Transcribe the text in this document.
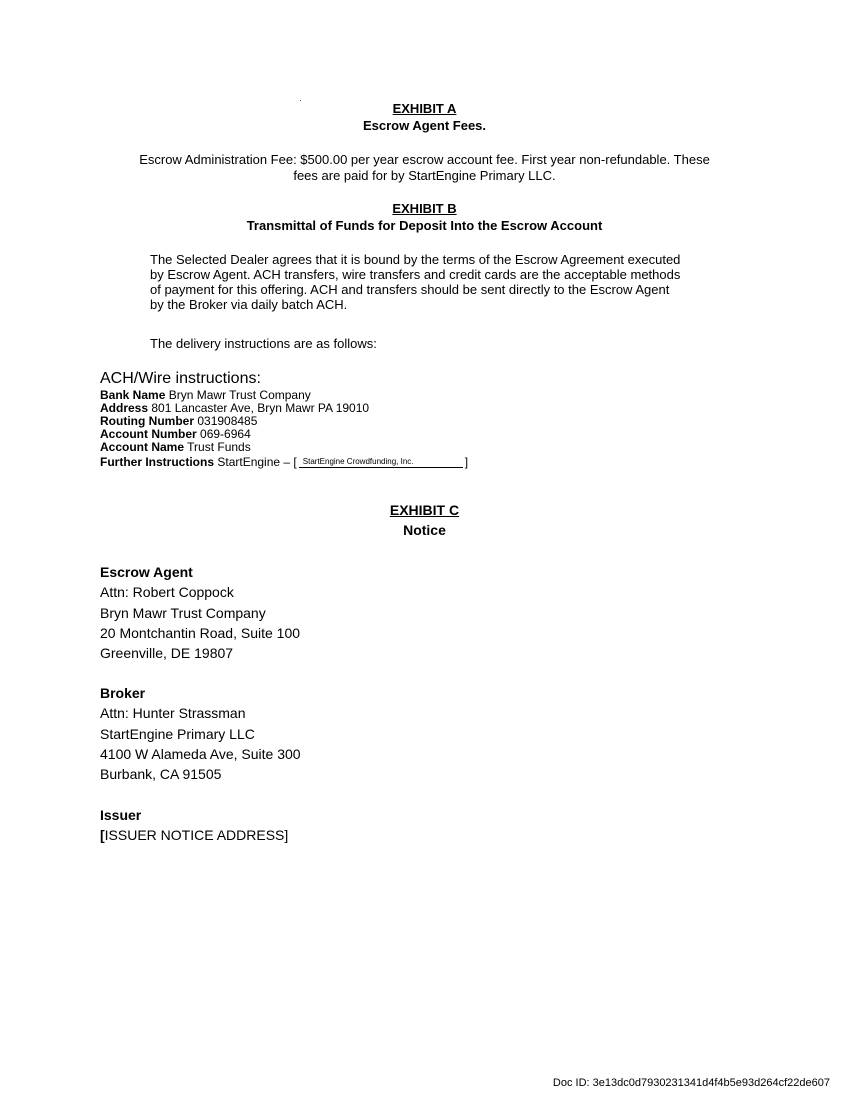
EXHIBIT A
Escrow Agent Fees.
Escrow Administration Fee: $500.00 per year escrow account fee. First year non-refundable. These
fees are paid for by StartEngine Primary LLC.
EXHIBIT B
Transmittal of Funds for Deposit Into the Escrow Account
The Selected Dealer agrees that it is bound by the terms of the Escrow Agreement executed
by Escrow Agent. ACH transfers, wire transfers and credit cards are the acceptable methods
of payment for this offering. ACH and transfers should be sent directly to the Escrow Agent
by the Broker via daily batch ACH.
The delivery instructions are as follows:
ACH/Wire instructions:
Bank Name Bryn Mawr Trust Company
Address 801 Lancaster Ave, Bryn Mawr PA 19010
Routing Number 031908485
Account Number 069-6964
Account Name Trust Funds
Further Instructions StartEngine – [ StartEngine Crowdfunding, Inc.	]
EXHIBIT C
Notice
Escrow Agent
Attn: Robert Coppock
Bryn Mawr Trust Company
20 Montchantin Road, Suite 100
Greenville, DE 19807
Broker
Attn: Hunter Strassman
StartEngine Primary LLC
4100 W Alameda Ave, Suite 300
Burbank, CA 91505
Issuer
[ISSUER NOTICE ADDRESS]
Doc ID: 3e13dc0d7930231341d4f4b5e93d264cf22de607
